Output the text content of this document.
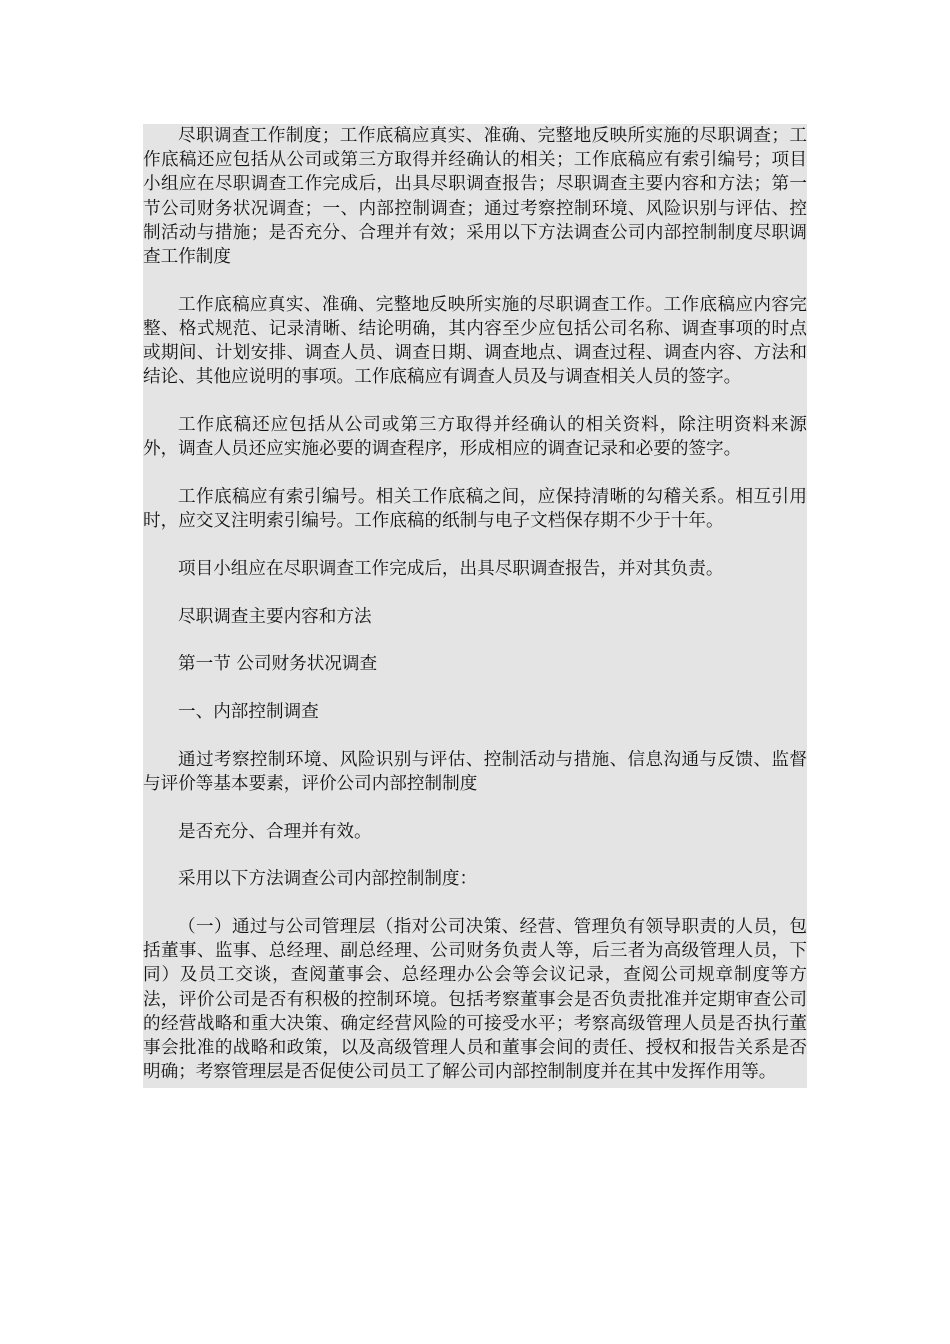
尽职调查工作制度；工作底稿应真实、准确、完整地反映所实施的尽职调查；工作底稿还应包括从公司或第三方取得并经确认的相关；工作底稿应有索引编号；项目小组应在尽职调查工作完成后，出具尽职调查报告；尽职调查主要内容和方法；第一节公司财务状况调查；一、内部控制调查；通过考察控制环境、风险识别与评估、控制活动与措施；是否充分、合理并有效；采用以下方法调查公司内部控制制度尽职调查工作制度

工作底稿应真实、准确、完整地反映所实施的尽职调查工作。工作底稿应内容完整、格式规范、记录清晰、结论明确，其内容至少应包括公司名称、调查事项的时点或期间、计划安排、调查人员、调查日期、调查地点、调查过程、调查内容、方法和结论、其他应说明的事项。工作底稿应有调查人员及与调查相关人员的签字。

工作底稿还应包括从公司或第三方取得并经确认的相关资料，除注明资料来源外，调查人员还应实施必要的调查程序，形成相应的调查记录和必要的签字。

工作底稿应有索引编号。相关工作底稿之间，应保持清晰的勾稽关系。相互引用时，应交叉注明索引编号。工作底稿的纸制与电子文档保存期不少于十年。

项目小组应在尽职调查工作完成后，出具尽职调查报告，并对其负责。

尽职调查主要内容和方法

第一节 公司财务状况调查

一、内部控制调查

通过考察控制环境、风险识别与评估、控制活动与措施、信息沟通与反馈、监督与评价等基本要素，评价公司内部控制制度

是否充分、合理并有效。

采用以下方法调查公司内部控制制度：

（一）通过与公司管理层（指对公司决策、经营、管理负有领导职责的人员，包括董事、监事、总经理、副总经理、公司财务负责人等，后三者为高级管理人员，下同）及员工交谈，查阅董事会、总经理办公会等会议记录，查阅公司规章制度等方法，评价公司是否有积极的控制环境。包括考察董事会是否负责批准并定期审查公司的经营战略和重大决策、确定经营风险的可接受水平；考察高级管理人员是否执行董事会批准的战略和政策，以及高级管理人员和董事会间的责任、授权和报告关系是否明确；考察管理层是否促使公司员工了解公司内部控制制度并在其中发挥作用等。
